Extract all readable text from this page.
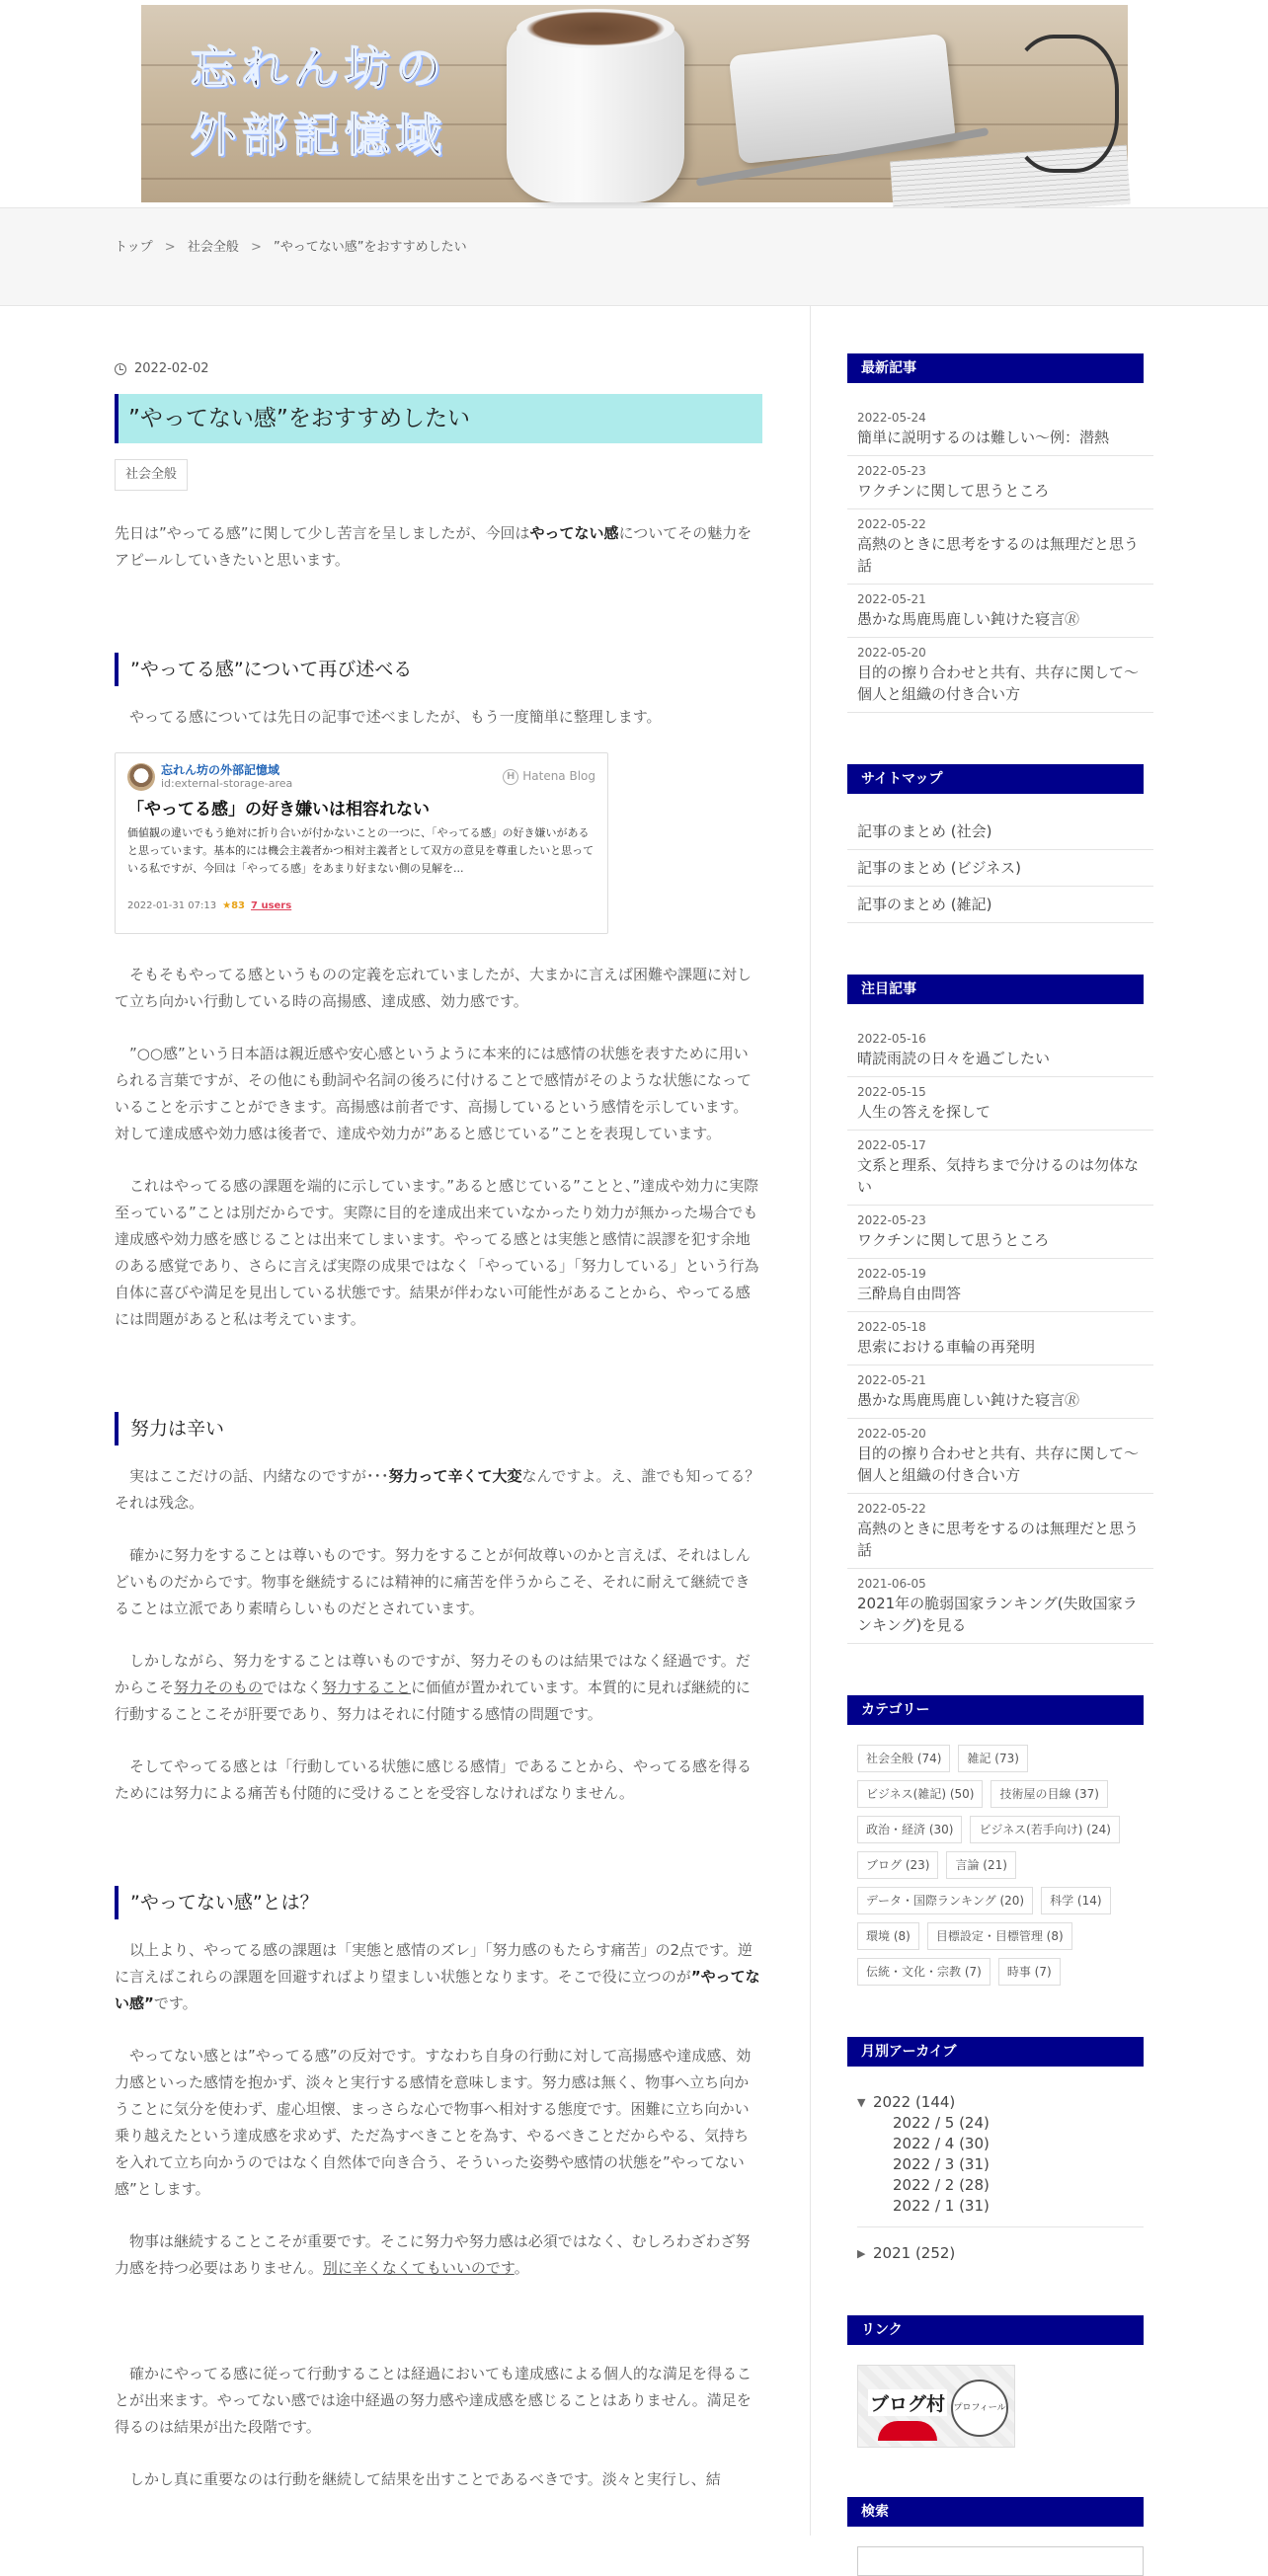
忘れん坊の
外部記憶域
トップ > 社会全般 > ”やってない感”をおすすめしたい
2022-02-02
”やってない感”をおすすめしたい
社会全般

先日は”やってる感”に関して少し苦言を呈しましたが、今回はやってない感についてその魅力をアピールしていきたいと思います。

”やってる感”について再び述べる

やってる感については先日の記事で述べましたが、もう一度簡単に整理します。

忘れん坊の外部記憶域
id:external-storage-area
H Hatena Blog
「やってる感」の好き嫌いは相容れない
価値観の違いでもう絶対に折り合いが付かないことの一つに、「やってる感」の好き嫌いがあると思っています。基本的には機会主義者かつ相対主義者として双方の意見を尊重したいと思っている私ですが、今回は「やってる感」をあまり好まない側の見解を...
2022-01-31 07:13 ★83 7 users

そもそもやってる感というものの定義を忘れていましたが、大まかに言えば困難や課題に対して立ち向かい行動している時の高揚感、達成感、効力感です。

”○○感”という日本語は親近感や安心感というように本来的には感情の状態を表すために用いられる言葉ですが、その他にも動詞や名詞の後ろに付けることで感情がそのような状態になっていることを示すことができます。高揚感は前者です、高揚しているという感情を示しています。対して達成感や効力感は後者で、達成や効力が”あると感じている”ことを表現しています。

これはやってる感の課題を端的に示しています。”あると感じている”ことと、”達成や効力に実際至っている”ことは別だからです。実際に目的を達成出来ていなかったり効力が無かった場合でも達成感や効力感を感じることは出来てしまいます。やってる感とは実態と感情に誤謬を犯す余地のある感覚であり、さらに言えば実際の成果ではなく「やっている」「努力している」という行為自体に喜びや満足を見出している状態です。結果が伴わない可能性があることから、やってる感には問題があると私は考えています。

努力は辛い

実はここだけの話、内緒なのですが･･･努力って辛くて大変なんですよ。え、誰でも知ってる？それは残念。

確かに努力をすることは尊いものです。努力をすることが何故尊いのかと言えば、それはしんどいものだからです。物事を継続するには精神的に痛苦を伴うからこそ、それに耐えて継続できることは立派であり素晴らしいものだとされています。

しかしながら、努力をすることは尊いものですが、努力そのものは結果ではなく経過です。だからこそ努力そのものではなく努力することに価値が置かれています。本質的に見れば継続的に行動することこそが肝要であり、努力はそれに付随する感情の問題です。

そしてやってる感とは「行動している状態に感じる感情」であることから、やってる感を得るためには努力による痛苦も付随的に受けることを受容しなければなりません。

”やってない感”とは？

以上より、やってる感の課題は「実態と感情のズレ」「努力感のもたらす痛苦」の2点です。逆に言えばこれらの課題を回避すればより望ましい状態となります。そこで役に立つのが”やってない感”です。

やってない感とは”やってる感”の反対です。すなわち自身の行動に対して高揚感や達成感、効力感といった感情を抱かず、淡々と実行する感情を意味します。努力感は無く、物事へ立ち向かうことに気分を使わず、虚心坦懐、まっさらな心で物事へ相対する態度です。困難に立ち向かい乗り越えたという達成感を求めず、ただ為すべきことを為す、やるべきことだからやる、気持ちを入れて立ち向かうのではなく自然体で向き合う、そういった姿勢や感情の状態を”やってない感”とします。

物事は継続することこそが重要です。そこに努力や努力感は必須ではなく、むしろわざわざ努力感を持つ必要はありません。別に辛くなくてもいいのです。

確かにやってる感に従って行動することは経過においても達成感による個人的な満足を得ることが出来ます。やってない感では途中経過の努力感や達成感を感じることはありません。満足を得るのは結果が出た段階です。

しかし真に重要なのは行動を継続して結果を出すことであるべきです。淡々と実行し、結

最新記事
2022-05-24
簡単に説明するのは難しい～例：潜熱
2022-05-23
ワクチンに関して思うところ
2022-05-22
高熱のときに思考をするのは無理だと思う話
2022-05-21
愚かな馬鹿馬鹿しい鈍けた寝言🄬
2022-05-20
目的の擦り合わせと共有、共存に関して～個人と組織の付き合い方
サイトマップ
記事のまとめ (社会)
記事のまとめ (ビジネス)
記事のまとめ (雑記)
注目記事
2022-05-16
晴読雨読の日々を過ごしたい
2022-05-15
人生の答えを探して
2022-05-17
文系と理系、気持ちまで分けるのは勿体ない
2022-05-23
ワクチンに関して思うところ
2022-05-19
三酔鳥自由問答
2022-05-18
思索における車輪の再発明
2022-05-21
愚かな馬鹿馬鹿しい鈍けた寝言🄬
2022-05-20
目的の擦り合わせと共有、共存に関して～個人と組織の付き合い方
2022-05-22
高熱のときに思考をするのは無理だと思う話
2021-06-05
2021年の脆弱国家ランキング(失敗国家ランキング)を見る
カテゴリー
社会全般 (74)	雑記 (73)
ビジネス(雑記) (50)	技術屋の目線 (37)
政治・経済 (30)	ビジネス(若手向け) (24)
ブログ (23)	言論 (21)
データ・国際ランキング (20)	科学 (14)
環境 (8)	目標設定・目標管理 (8)
伝統・文化・宗教 (7)	時事 (7)
月別アーカイブ
▼ 2022 (144)
2022 / 5 (24)
2022 / 4 (30)
2022 / 3 (31)
2022 / 2 (28)
2022 / 1 (31)
▶ 2021 (252)
リンク
ブログ村 プロフィール
検索
